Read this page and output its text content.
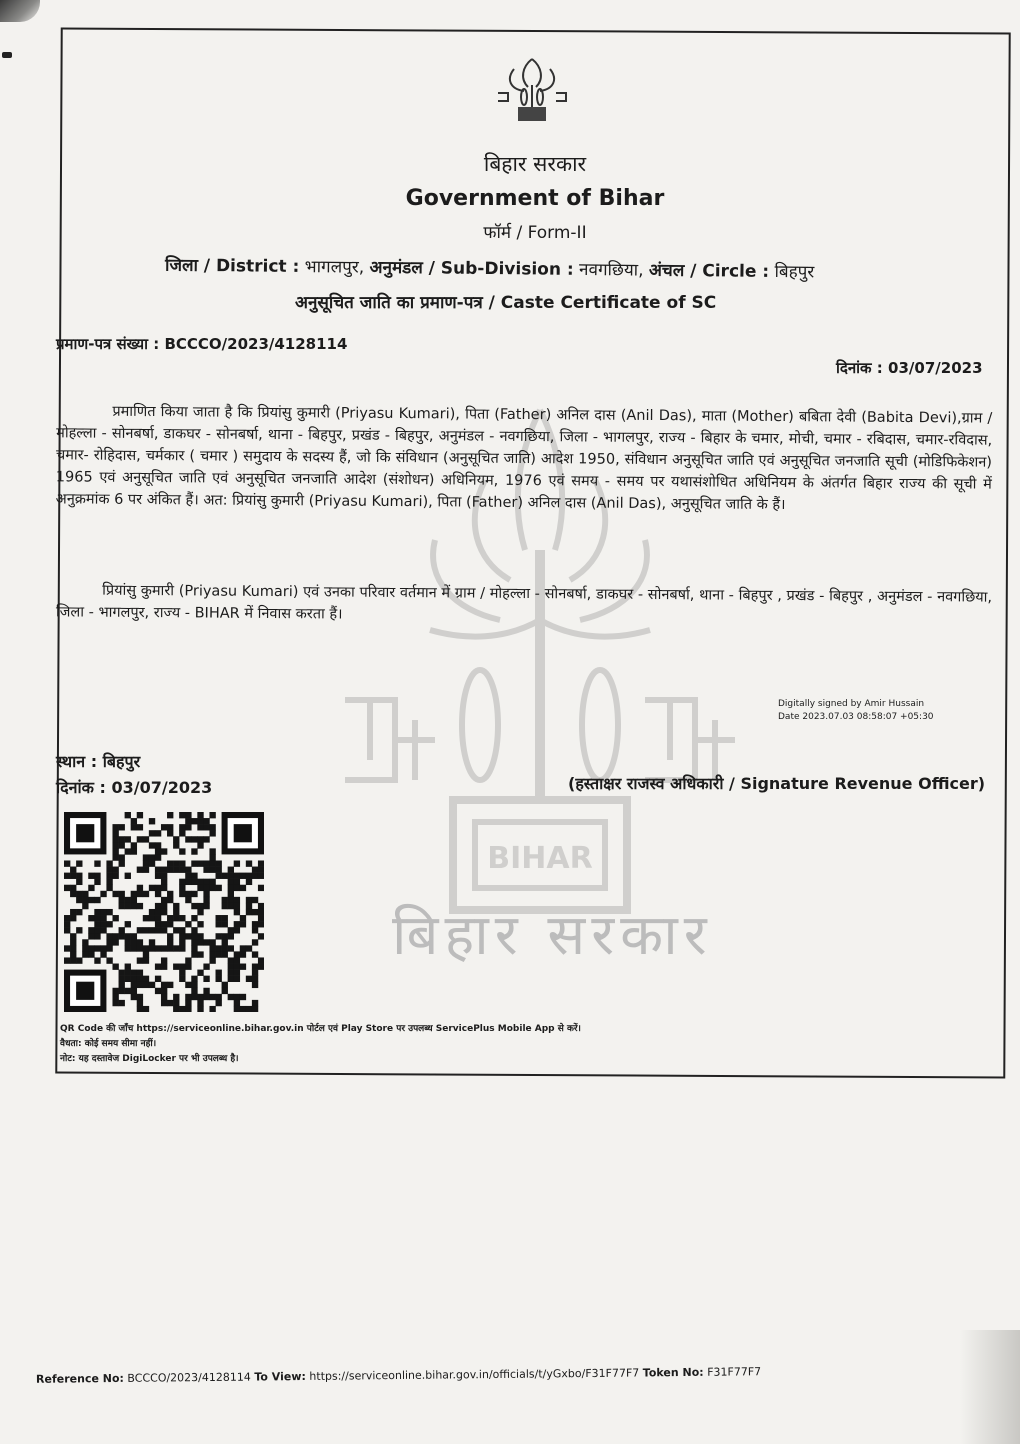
BIHAR
बिहार सरकार
बिहार सरकार
Government of Bihar
फॉर्म / Form-II
जिला / District : भागलपुर, अनुमंडल / Sub-Division : नवगछिया, अंचल / Circle : बिहपुर
अनुसूचित जाति का प्रमाण-पत्र / Caste Certificate of SC
प्रमाण-पत्र संख्या : BCCCO/2023/4128114
दिनांक : 03/07/2023
प्रमाणित किया जाता है कि प्रियांसु कुमारी (Priyasu Kumari), पिता (Father) अनिल दास (Anil Das), माता (Mother) बबिता देवी (Babita Devi),ग्राम / मोहल्ला - सोनबर्षा, डाकघर - सोनबर्षा, थाना - बिहपुर, प्रखंड - बिहपुर, अनुमंडल - नवगछिया, जिला - भागलपुर, राज्य - बिहार के चमार, मोची, चमार - रबिदास, चमार-रविदास, चमार- रोहिदास, चर्मकार ( चमार ) समुदाय के सदस्य हैं, जो कि संविधान (अनुसूचित जाति) आदेश 1950, संविधान अनुसूचित जाति एवं अनुसूचित जनजाति सूची (मोडिफिकेशन) 1965 एवं अनुसूचित जाति एवं अनुसूचित जनजाति आदेश (संशोधन) अधिनियम, 1976 एवं समय - समय पर यथासंशोधित अधिनियम के अंतर्गत बिहार राज्य की सूची में अनुक्रमांक 6 पर अंकित हैं। अत: प्रियांसु कुमारी (Priyasu Kumari), पिता (Father) अनिल दास (Anil Das), अनुसूचित जाति के हैं।
प्रियांसु कुमारी (Priyasu Kumari) एवं उनका परिवार वर्तमान में ग्राम / मोहल्ला - सोनबर्षा, डाकघर - सोनबर्षा, थाना - बिहपुर , प्रखंड - बिहपुर , अनुमंडल - नवगछिया, जिला - भागलपुर, राज्य - BIHAR में निवास करता हैं।
Digitally signed by Amir Hussain
Date 2023.07.03 08:58:07 +05:30
स्थान : बिहपुर
दिनांक : 03/07/2023	(हस्ताक्षर राजस्व अधिकारी / Signature Revenue Officer)
QR Code की जाँच https://serviceonline.bihar.gov.in पोर्टल एवं Play Store पर उपलब्ध ServicePlus Mobile App से करें।
वैधता: कोई समय सीमा नहीं।
नोट: यह दस्तावेज DigiLocker पर भी उपलब्ध है।
Reference No: BCCCO/2023/4128114 To View: https://serviceonline.bihar.gov.in/officials/t/yGxbo/F31F77F7 Token No: F31F77F7
